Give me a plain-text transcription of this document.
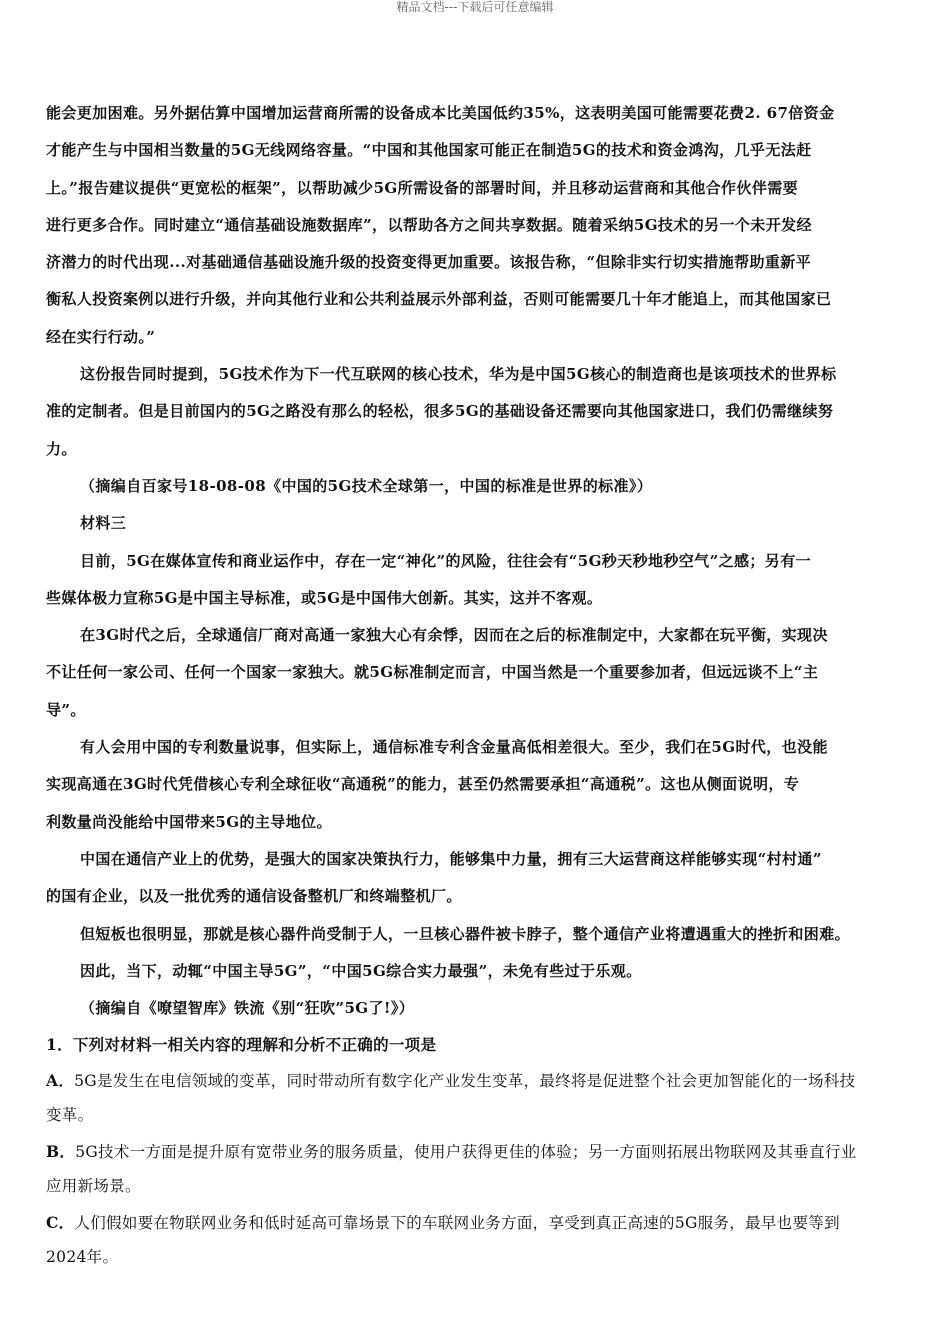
精品文档---下载后可任意编辑
能会更加困难。另外据估算中国增加运营商所需的设备成本比美国低约35%，这表明美国可能需要花费2. 67倍资金
才能产生与中国相当数量的5G无线网络容量。“中国和其他国家可能正在制造5G的技术和资金鸿沟，几乎无法赶
上。”报告建议提供“更宽松的框架”，以帮助减少5G所需设备的部署时间，并且移动运营商和其他合作伙伴需要
进行更多合作。同时建立“通信基础设施数据库”，以帮助各方之间共享数据。随着采纳5G技术的另一个未开发经
济潜力的时代出现...对基础通信基础设施升级的投资变得更加重要。该报告称，“但除非实行切实措施帮助重新平
衡私人投资案例以进行升级，并向其他行业和公共利益展示外部利益，否则可能需要几十年才能追上，而其他国家已
经在实行行动。”
这份报告同时提到，5G技术作为下一代互联网的核心技术，华为是中国5G核心的制造商也是该项技术的世界标
准的定制者。但是目前国内的5G之路没有那么的轻松，很多5G的基础设备还需要向其他国家进口，我们仍需继续努
力。
（摘编自百家号18-08-08《中国的5G技术全球第一，中国的标准是世界的标准》）
材料三
目前，5G在媒体宣传和商业运作中，存在一定“神化”的风险，往往会有“5G秒天秒地秒空气”之感；另有一
些媒体极力宣称5G是中国主导标准，或5G是中国伟大创新。其实，这并不客观。
在3G时代之后，全球通信厂商对高通一家独大心有余悸，因而在之后的标准制定中，大家都在玩平衡，实现决
不让任何一家公司、任何一个国家一家独大。就5G标准制定而言，中国当然是一个重要参加者，但远远谈不上“主
导”。
有人会用中国的专利数量说事，但实际上，通信标准专利含金量高低相差很大。至少，我们在5G时代，也没能
实现高通在3G时代凭借核心专利全球征收“高通税”的能力，甚至仍然需要承担“高通税”。这也从侧面说明，专
利数量尚没能给中国带来5G的主导地位。
中国在通信产业上的优势，是强大的国家决策执行力，能够集中力量，拥有三大运营商这样能够实现“村村通”
的国有企业，以及一批优秀的通信设备整机厂和终端整机厂。
但短板也很明显，那就是核心器件尚受制于人，一旦核心器件被卡脖子，整个通信产业将遭遇重大的挫折和困难。
因此，当下，动辄“中国主导5G”，“中国5G综合实力最强”，未免有些过于乐观。
（摘编自《嘹望智库》铁流《别“狂吹”5G了!》）
1．下列对材料一相关内容的理解和分析不正确的一项是
A．5G是发生在电信领域的变革，同时带动所有数字化产业发生变革，最终将是促进整个社会更加智能化的一场科技
变革。
B．5G技术一方面是提升原有宽带业务的服务质量，使用户获得更佳的体验；另一方面则拓展出物联网及其垂直行业
应用新场景。
C．人们假如要在物联网业务和低时延高可靠场景下的车联网业务方面，享受到真正高速的5G服务，最早也要等到
2024年。
